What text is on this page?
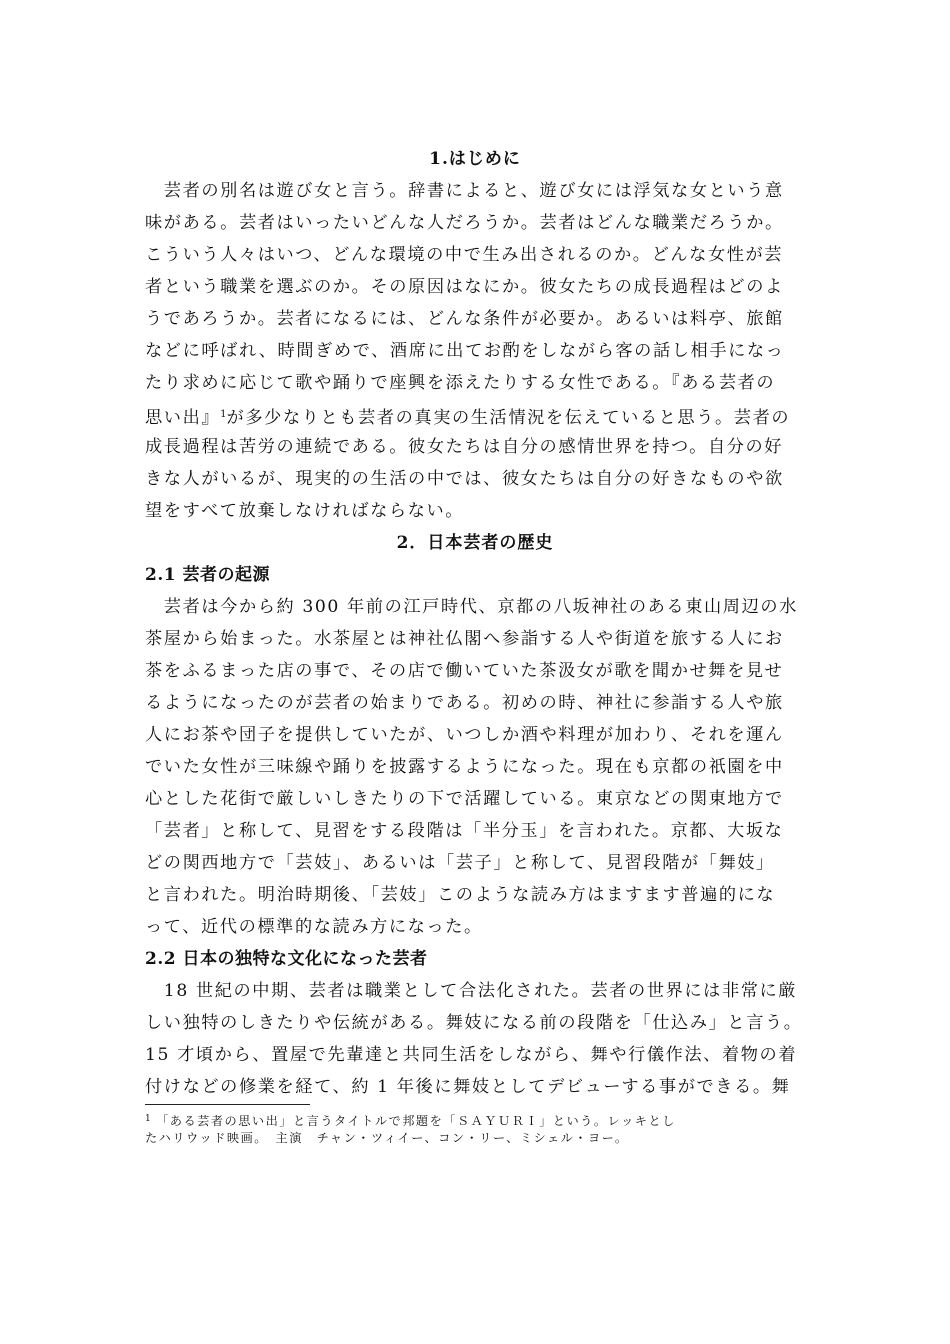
1.はじめに
　芸者の別名は遊び女と言う。辞書によると、遊び女には浮気な女という意
味がある。芸者はいったいどんな人だろうか。芸者はどんな職業だろうか。
こういう人々はいつ、どんな環境の中で生み出されるのか。どんな女性が芸
者という職業を選ぶのか。その原因はなにか。彼女たちの成長過程はどのよ
うであろうか。芸者になるには、どんな条件が必要か。あるいは料亭、旅館
などに呼ばれ、時間ぎめで、酒席に出てお酌をしながら客の話し相手になっ
たり求めに応じて歌や踊りで座興を添えたりする女性である。『ある芸者の
思い出』$^1$が多少なりとも芸者の真実の生活情況を伝えていると思う。芸者の
成長過程は苦労の連続である。彼女たちは自分の感情世界を持つ。自分の好
きな人がいるが、現実的の生活の中では、彼女たちは自分の好きなものや欲
望をすべて放棄しなければならない。
2．日本芸者の歴史
2.1 芸者の起源
　芸者は今から約 300 年前の江戸時代、京都の八坂神社のある東山周辺の水
茶屋から始まった。水茶屋とは神社仏閣へ参詣する人や街道を旅する人にお
茶をふるまった店の事で、その店で働いていた茶汲女が歌を聞かせ舞を見せ
るようになったのが芸者の始まりである。初めの時、神社に参詣する人や旅
人にお茶や団子を提供していたが、いつしか酒や料理が加わり、それを運ん
でいた女性が三味線や踊りを披露するようになった。現在も京都の祇園を中
心とした花街で厳しいしきたりの下で活躍している。東京などの関東地方で
「芸者」と称して、見習をする段階は「半分玉」を言われた。京都、大坂な
どの関西地方で「芸妓」、あるいは「芸子」と称して、見習段階が「舞妓」
と言われた。明治時期後、「芸妓」このような読み方はますます普遍的にな
って、近代の標準的な読み方になった。
2.2 日本の独特な文化になった芸者
　18 世紀の中期、芸者は職業として合法化された。芸者の世界には非常に厳
しい独特のしきたりや伝統がある。舞妓になる前の段階を「仕込み」と言う。
15 才頃から、置屋で先輩達と共同生活をしながら、舞や行儀作法、着物の着
付けなどの修業を経て、約 1 年後に舞妓としてデビューする事ができる。舞
$^1$ 「ある芸者の思い出」と言うタイトルで邦題を「ＳＡＹＵＲＩ」という。レッキとし
たハリウッド映画。　主演　チャン・ツィイー、コン・リー、ミシェル・ヨー。
